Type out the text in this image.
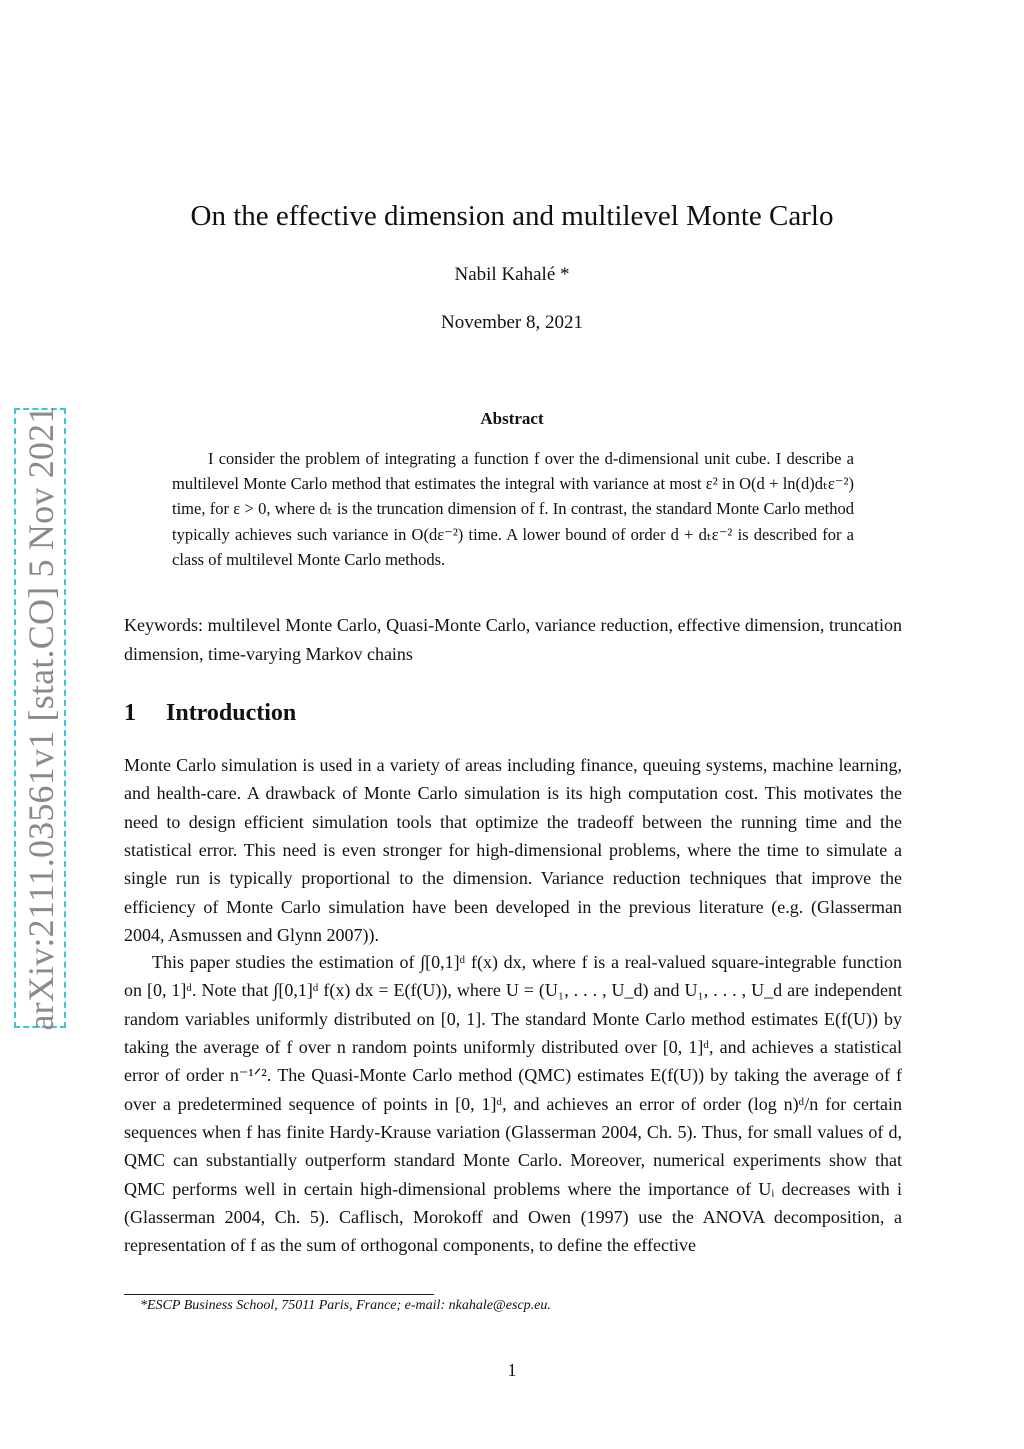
arXiv:2111.03561v1 [stat.CO] 5 Nov 2021
On the effective dimension and multilevel Monte Carlo
Nabil Kahalé *
November 8, 2021
Abstract
I consider the problem of integrating a function f over the d-dimensional unit cube. I describe a multilevel Monte Carlo method that estimates the integral with variance at most ε² in O(d + ln(d)dₜε⁻²) time, for ε > 0, where dₜ is the truncation dimension of f. In contrast, the standard Monte Carlo method typically achieves such variance in O(dε⁻²) time. A lower bound of order d + dₜε⁻² is described for a class of multilevel Monte Carlo methods.
Keywords: multilevel Monte Carlo, Quasi-Monte Carlo, variance reduction, effective dimension, truncation dimension, time-varying Markov chains
1 Introduction
Monte Carlo simulation is used in a variety of areas including finance, queuing systems, machine learning, and health-care. A drawback of Monte Carlo simulation is its high computation cost. This motivates the need to design efficient simulation tools that optimize the tradeoff between the running time and the statistical error. This need is even stronger for high-dimensional problems, where the time to simulate a single run is typically proportional to the dimension. Variance reduction techniques that improve the efficiency of Monte Carlo simulation have been developed in the previous literature (e.g. (Glasserman 2004, Asmussen and Glynn 2007)).
This paper studies the estimation of ∫[0,1]ᵈ f(x) dx, where f is a real-valued square-integrable function on [0, 1]ᵈ. Note that ∫[0,1]ᵈ f(x) dx = E(f(U)), where U = (U₁, . . . , U_d) and U₁, . . . , U_d are independent random variables uniformly distributed on [0, 1]. The standard Monte Carlo method estimates E(f(U)) by taking the average of f over n random points uniformly distributed over [0, 1]ᵈ, and achieves a statistical error of order n⁻¹ᐟ². The Quasi-Monte Carlo method (QMC) estimates E(f(U)) by taking the average of f over a predetermined sequence of points in [0, 1]ᵈ, and achieves an error of order (log n)ᵈ/n for certain sequences when f has finite Hardy-Krause variation (Glasserman 2004, Ch. 5). Thus, for small values of d, QMC can substantially outperform standard Monte Carlo. Moreover, numerical experiments show that QMC performs well in certain high-dimensional problems where the importance of Uᵢ decreases with i (Glasserman 2004, Ch. 5). Caflisch, Morokoff and Owen (1997) use the ANOVA decomposition, a representation of f as the sum of orthogonal components, to define the effective
*ESCP Business School, 75011 Paris, France; e-mail: nkahale@escp.eu.
1
